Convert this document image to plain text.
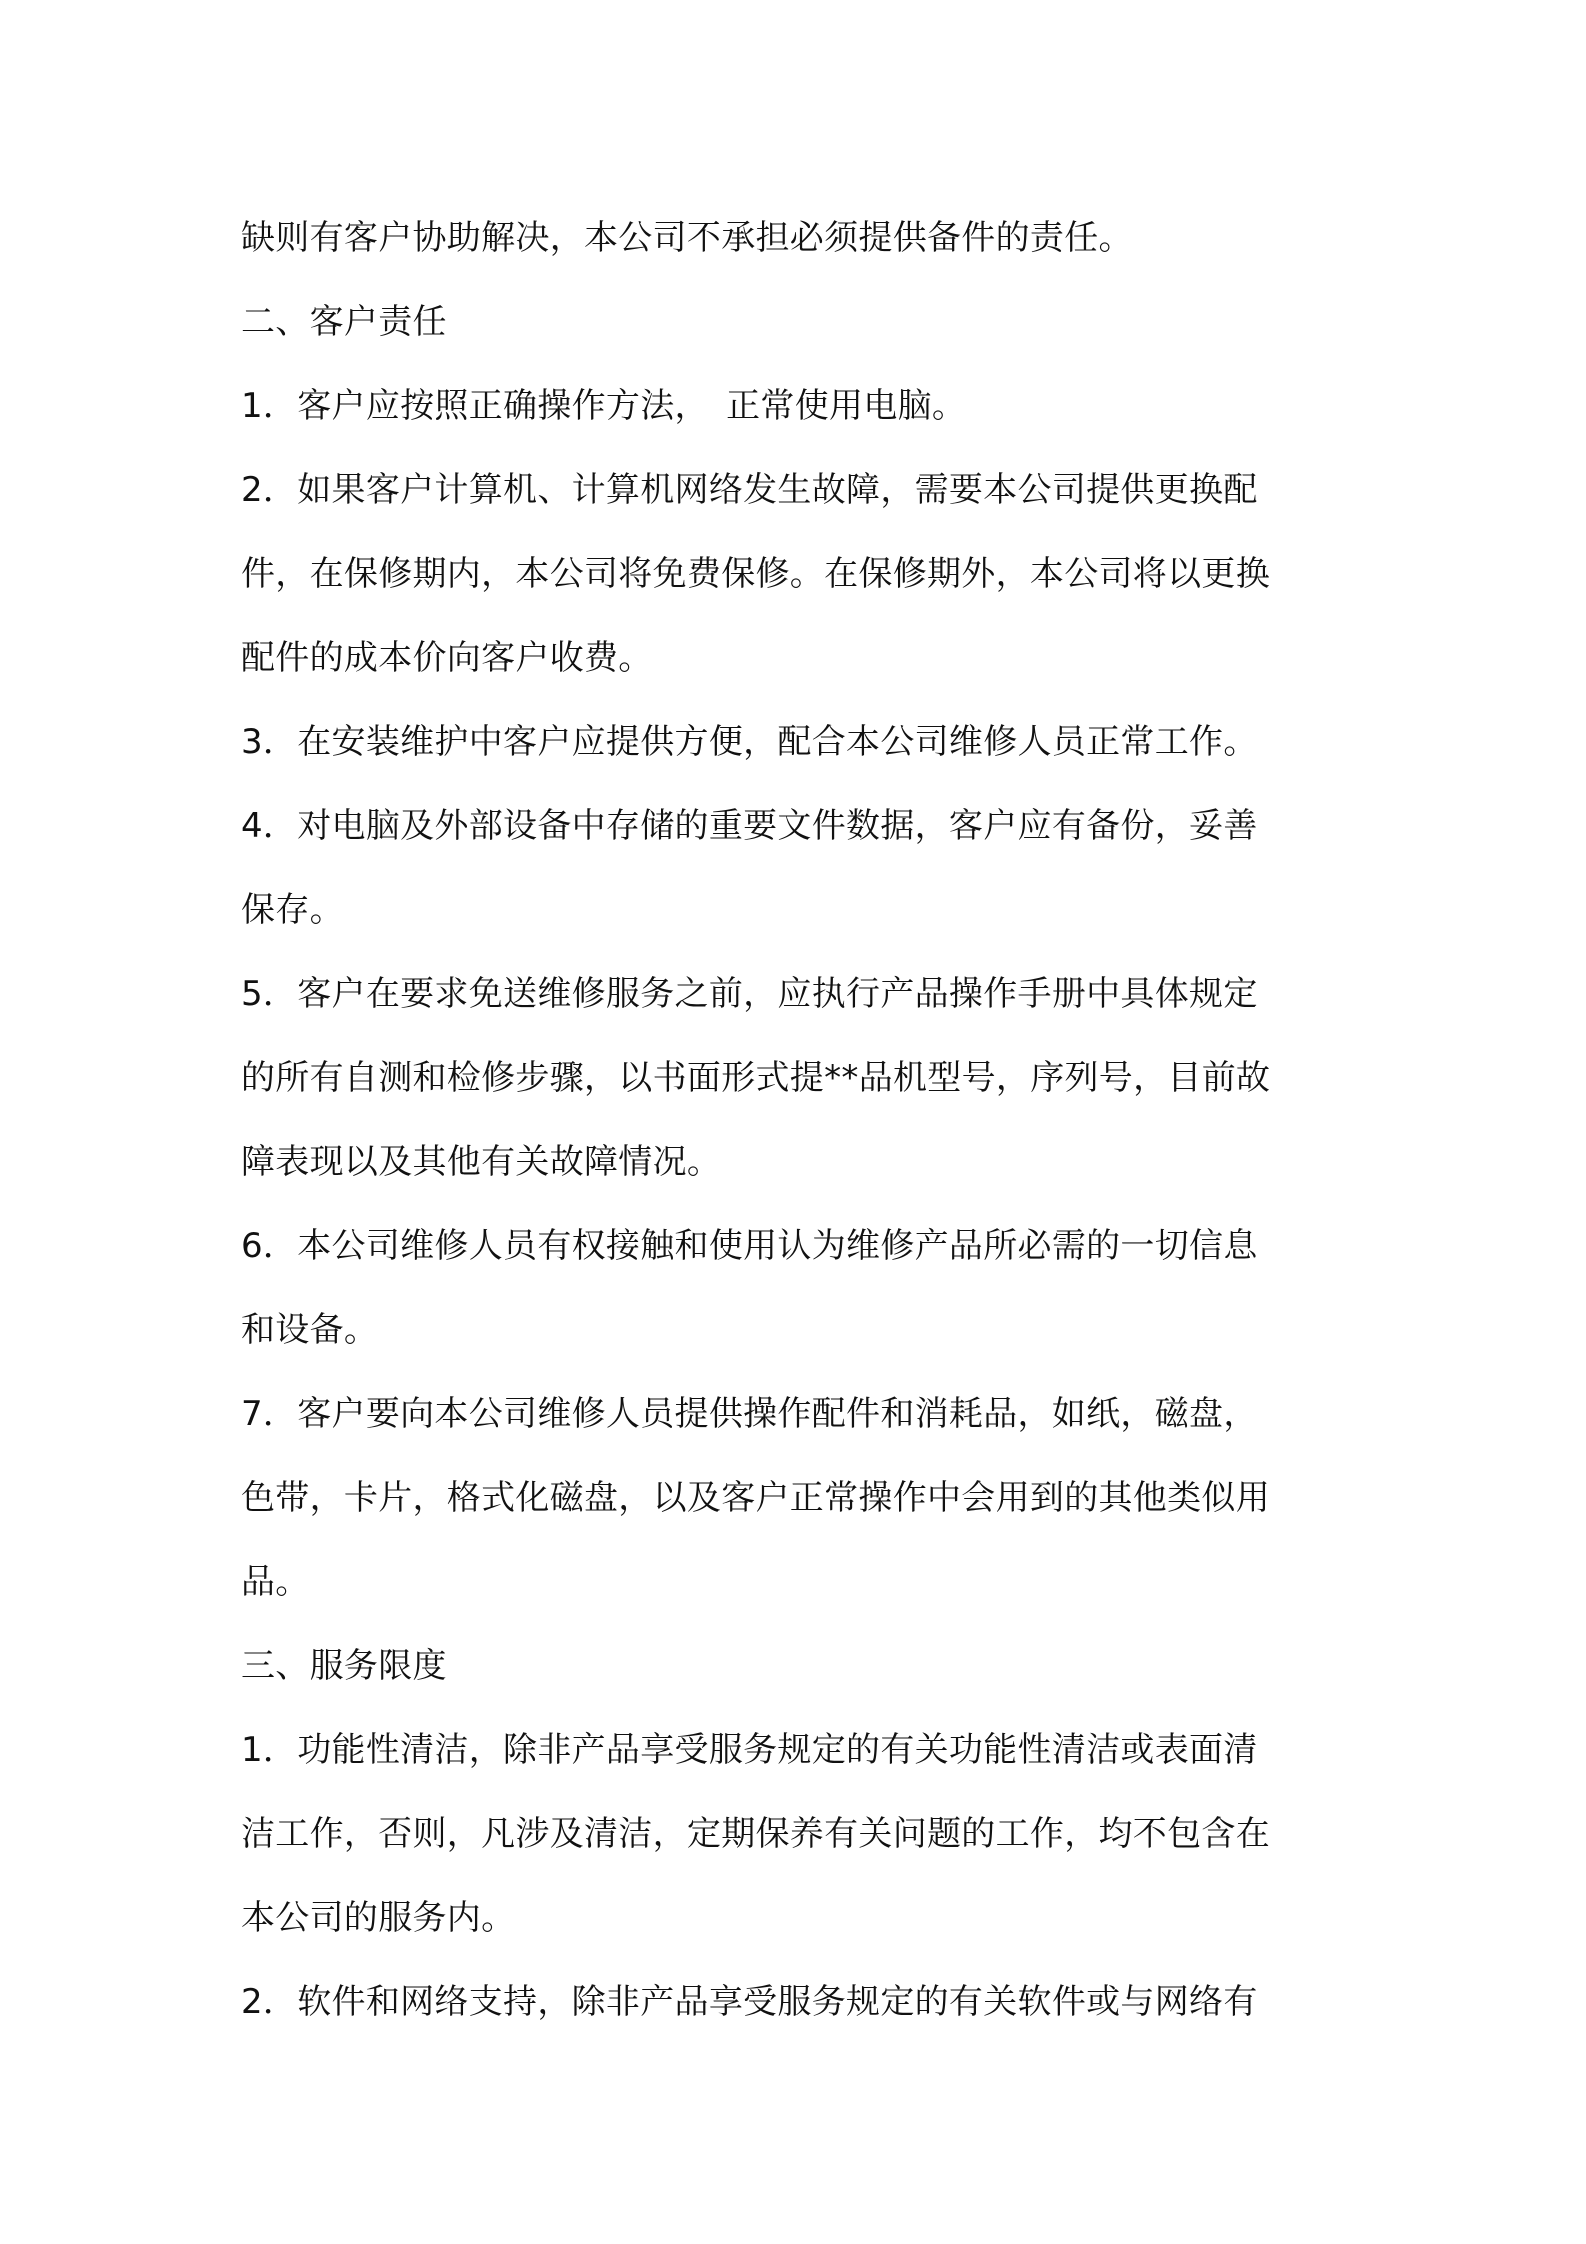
缺则有客户协助解决，本公司不承担必须提供备件的责任。

二、客户责任

1．客户应按照正确操作方法，　正常使用电脑。

2．如果客户计算机、计算机网络发生故障，需要本公司提供更换配

件，在保修期内，本公司将免费保修。在保修期外，本公司将以更换

配件的成本价向客户收费。

3．在安装维护中客户应提供方便，配合本公司维修人员正常工作。

4．对电脑及外部设备中存储的重要文件数据，客户应有备份，妥善

保存。

5．客户在要求免送维修服务之前，应执行产品操作手册中具体规定

的所有自测和检修步骤，以书面形式提**品机型号，序列号，目前故

障表现以及其他有关故障情况。

6．本公司维修人员有权接触和使用认为维修产品所必需的一切信息

和设备。

7．客户要向本公司维修人员提供操作配件和消耗品，如纸，磁盘，

色带，卡片，格式化磁盘，以及客户正常操作中会用到的其他类似用

品。

三、服务限度

1．功能性清洁，除非产品享受服务规定的有关功能性清洁或表面清

洁工作，否则，凡涉及清洁，定期保养有关问题的工作，均不包含在

本公司的服务内。

2．软件和网络支持，除非产品享受服务规定的有关软件或与网络有
